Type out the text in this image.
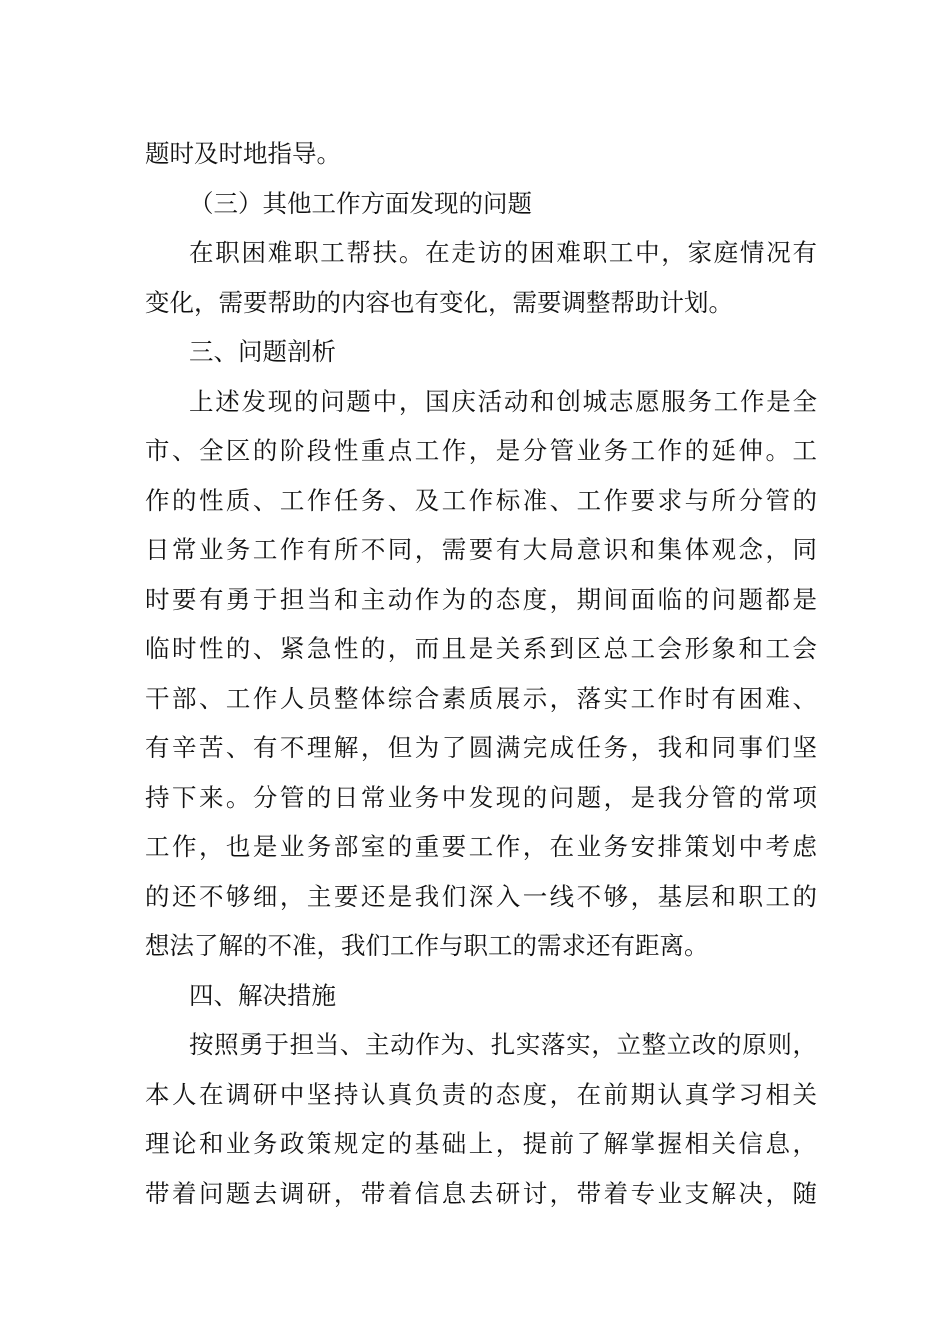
题时及时地指导。
（三）其他工作方面发现的问题
在职困难职工帮扶。在走访的困难职工中，家庭情况有
变化，需要帮助的内容也有变化，需要调整帮助计划。
三、问题剖析
上述发现的问题中，国庆活动和创城志愿服务工作是全
市、全区的阶段性重点工作，是分管业务工作的延伸。工
作的性质、工作任务、及工作标准、工作要求与所分管的
日常业务工作有所不同，需要有大局意识和集体观念，同
时要有勇于担当和主动作为的态度，期间面临的问题都是
临时性的、紧急性的，而且是关系到区总工会形象和工会
干部、工作人员整体综合素质展示，落实工作时有困难、
有辛苦、有不理解，但为了圆满完成任务，我和同事们坚
持下来。分管的日常业务中发现的问题，是我分管的常项
工作，也是业务部室的重要工作，在业务安排策划中考虑
的还不够细，主要还是我们深入一线不够，基层和职工的
想法了解的不准，我们工作与职工的需求还有距离。
四、解决措施
按照勇于担当、主动作为、扎实落实，立整立改的原则，
本人在调研中坚持认真负责的态度，在前期认真学习相关
理论和业务政策规定的基础上，提前了解掌握相关信息，
带着问题去调研，带着信息去研讨，带着专业支解决，随
